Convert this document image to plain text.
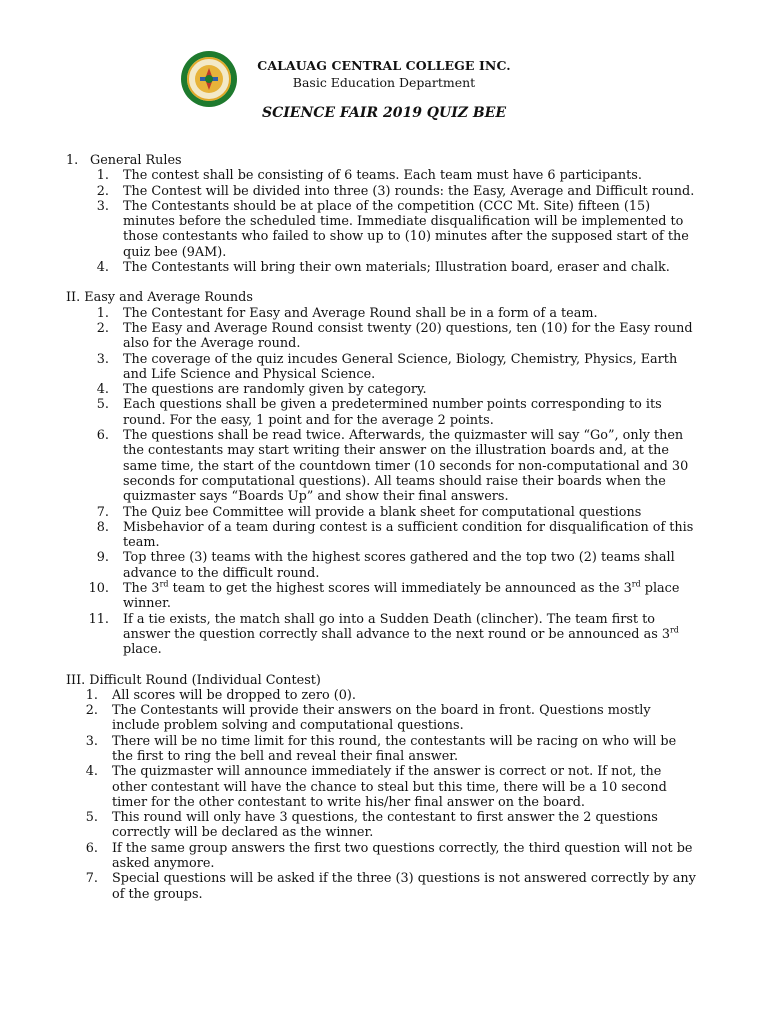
CALAUAG CENTRAL COLLEGE INC.
Basic Education Department
SCIENCE FAIR 2019 QUIZ BEE
1. General Rules
1.	The contest shall be consisting of 6 teams. Each team must have 6 participants.
2.	The Contest will be divided into three (3) rounds: the Easy, Average and Difficult round.
3.	The Contestants should be at place of the competition (CCC Mt. Site) fifteen (15) minutes before the scheduled time. Immediate disqualification will be implemented to those contestants who failed to show up to (10) minutes after the supposed start of the quiz bee (9AM).
4.	The Contestants will bring their own materials; Illustration board, eraser and chalk.
II. Easy and Average Rounds
1.	The Contestant for Easy and Average Round shall be in a form of a team.
2.	The Easy and Average Round consist twenty (20) questions, ten (10) for the Easy round also for the Average round.
3.	The coverage of the quiz incudes General Science, Biology, Chemistry, Physics, Earth and Life Science and Physical Science.
4.	The questions are randomly given by category.
5.	Each questions shall be given a predetermined number points corresponding to its round. For the easy, 1 point and for the average 2 points.
6.	The questions shall be read twice. Afterwards, the quizmaster will say “Go”, only then the contestants may start writing their answer on the illustration boards and, at the same time, the start of the countdown timer (10 seconds for non-computational and 30 seconds for computational questions). All teams should raise their boards when the quizmaster says “Boards Up” and show their final answers.
7.	The Quiz bee Committee will provide a blank sheet for computational questions
8.	Misbehavior of a team during contest is a sufficient condition for disqualification of this team.
9.	Top three (3) teams with the highest scores gathered and the top two (2) teams shall advance to the difficult round.
10.	The 3rd team to get the highest scores will immediately be announced as the 3rd place winner.
11.	If a tie exists, the match shall go into a Sudden Death (clincher). The team first to answer the question correctly shall advance to the next round or be announced as 3rd place.
III. Difficult Round (Individual Contest)
1.	All scores will be dropped to zero (0).
2.	The Contestants will provide their answers on the board in front. Questions mostly include problem solving and computational questions.
3.	There will be no time limit for this round, the contestants will be racing on who will be the first to ring the bell and reveal their final answer.
4.	The quizmaster will announce immediately if the answer is correct or not. If not, the other contestant will have the chance to steal but this time, there will be a 10 second timer for the other contestant to write his/her final answer on the board.
5.	This round will only have 3 questions, the contestant to first answer the 2 questions correctly will be declared as the winner.
6.	If the same group answers the first two questions correctly, the third question will not be asked anymore.
7.	Special questions will be asked if the three (3) questions is not answered correctly by any of the groups.
